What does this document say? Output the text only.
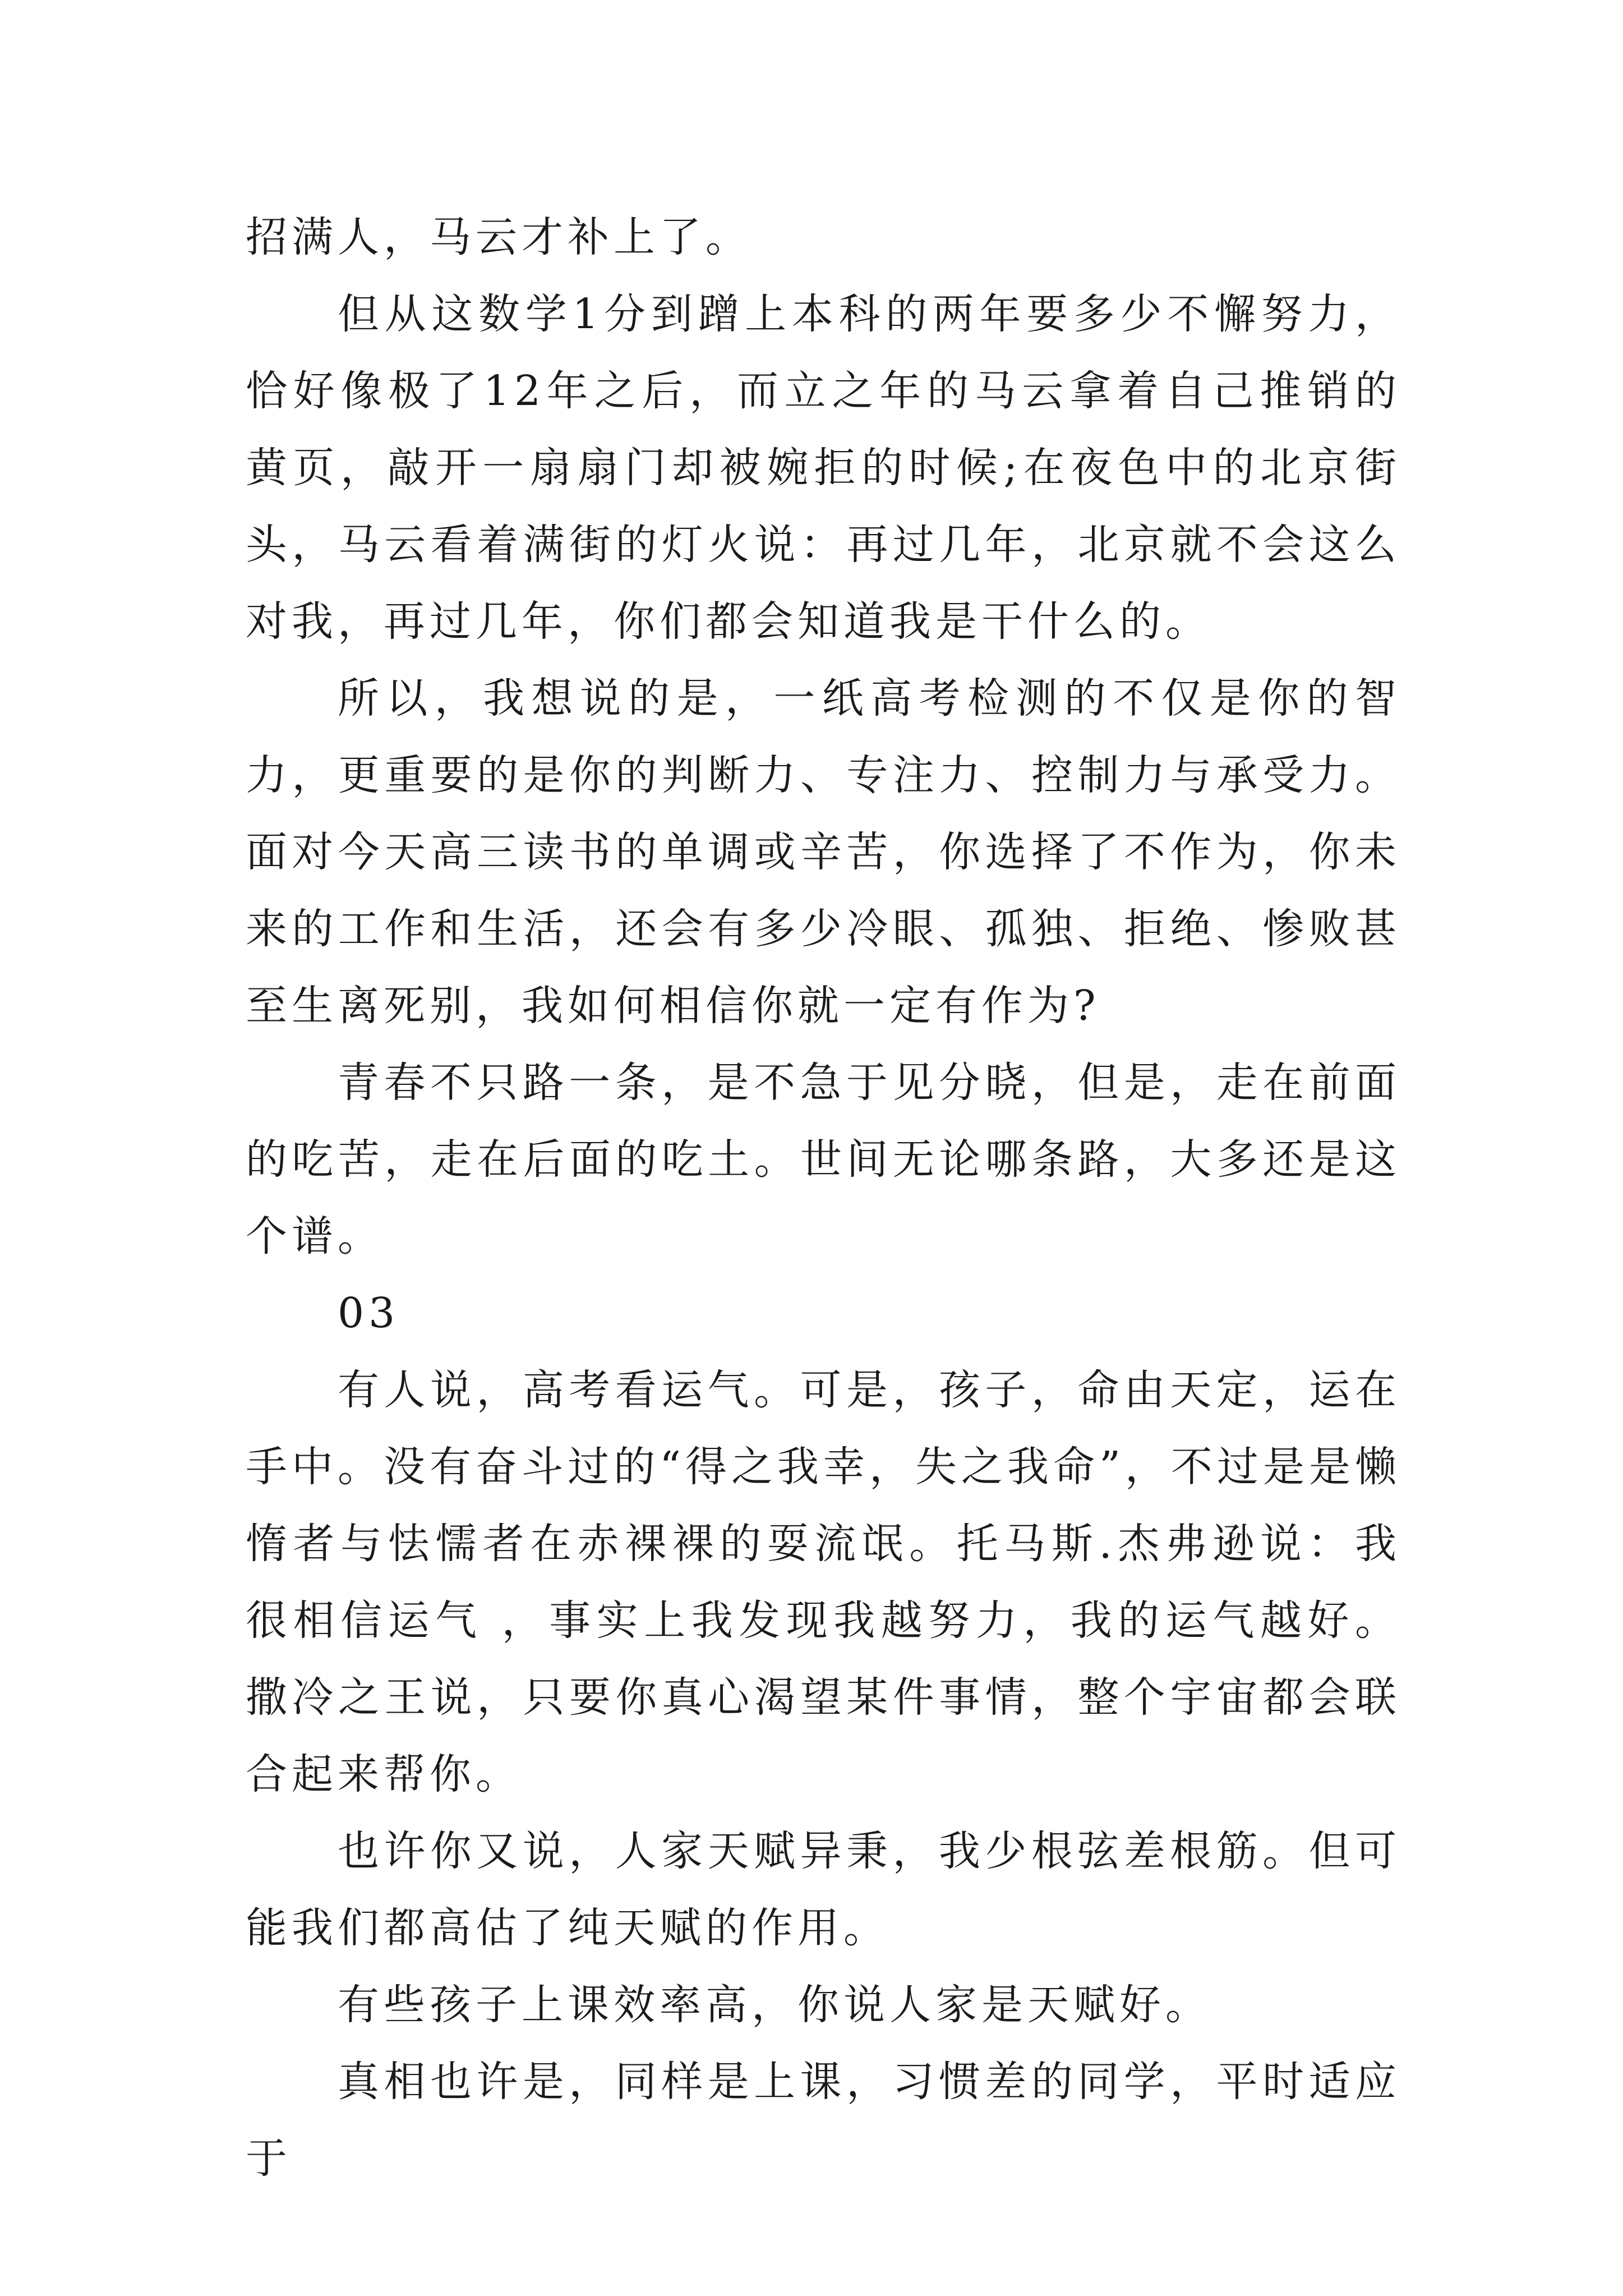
招满人，马云才补上了。

但从这数学1分到蹭上本科的两年要多少不懈努力，恰好像极了12年之后，而立之年的马云拿着自己推销的黄页，敲开一扇扇门却被婉拒的时候;在夜色中的北京街头，马云看着满街的灯火说：再过几年，北京就不会这么对我，再过几年，你们都会知道我是干什么的。

所以，我想说的是，一纸高考检测的不仅是你的智力，更重要的是你的判断力、专注力、控制力与承受力。面对今天高三读书的单调或辛苦，你选择了不作为，你未来的工作和生活，还会有多少冷眼、孤独、拒绝、惨败甚至生离死别，我如何相信你就一定有作为?

青春不只路一条，是不急于见分晓，但是，走在前面的吃苦，走在后面的吃土。世间无论哪条路，大多还是这个谱。

03

有人说，高考看运气。可是，孩子，命由天定，运在手中。没有奋斗过的“得之我幸，失之我命”，不过是是懒惰者与怯懦者在赤裸裸的耍流氓。托马斯.杰弗逊说：我很相信运气 ，事实上我发现我越努力，我的运气越好。撒冷之王说，只要你真心渴望某件事情，整个宇宙都会联合起来帮你。

也许你又说，人家天赋异秉，我少根弦差根筋。但可能我们都高估了纯天赋的作用。

有些孩子上课效率高，你说人家是天赋好。

真相也许是，同样是上课，习惯差的同学，平时适应于
